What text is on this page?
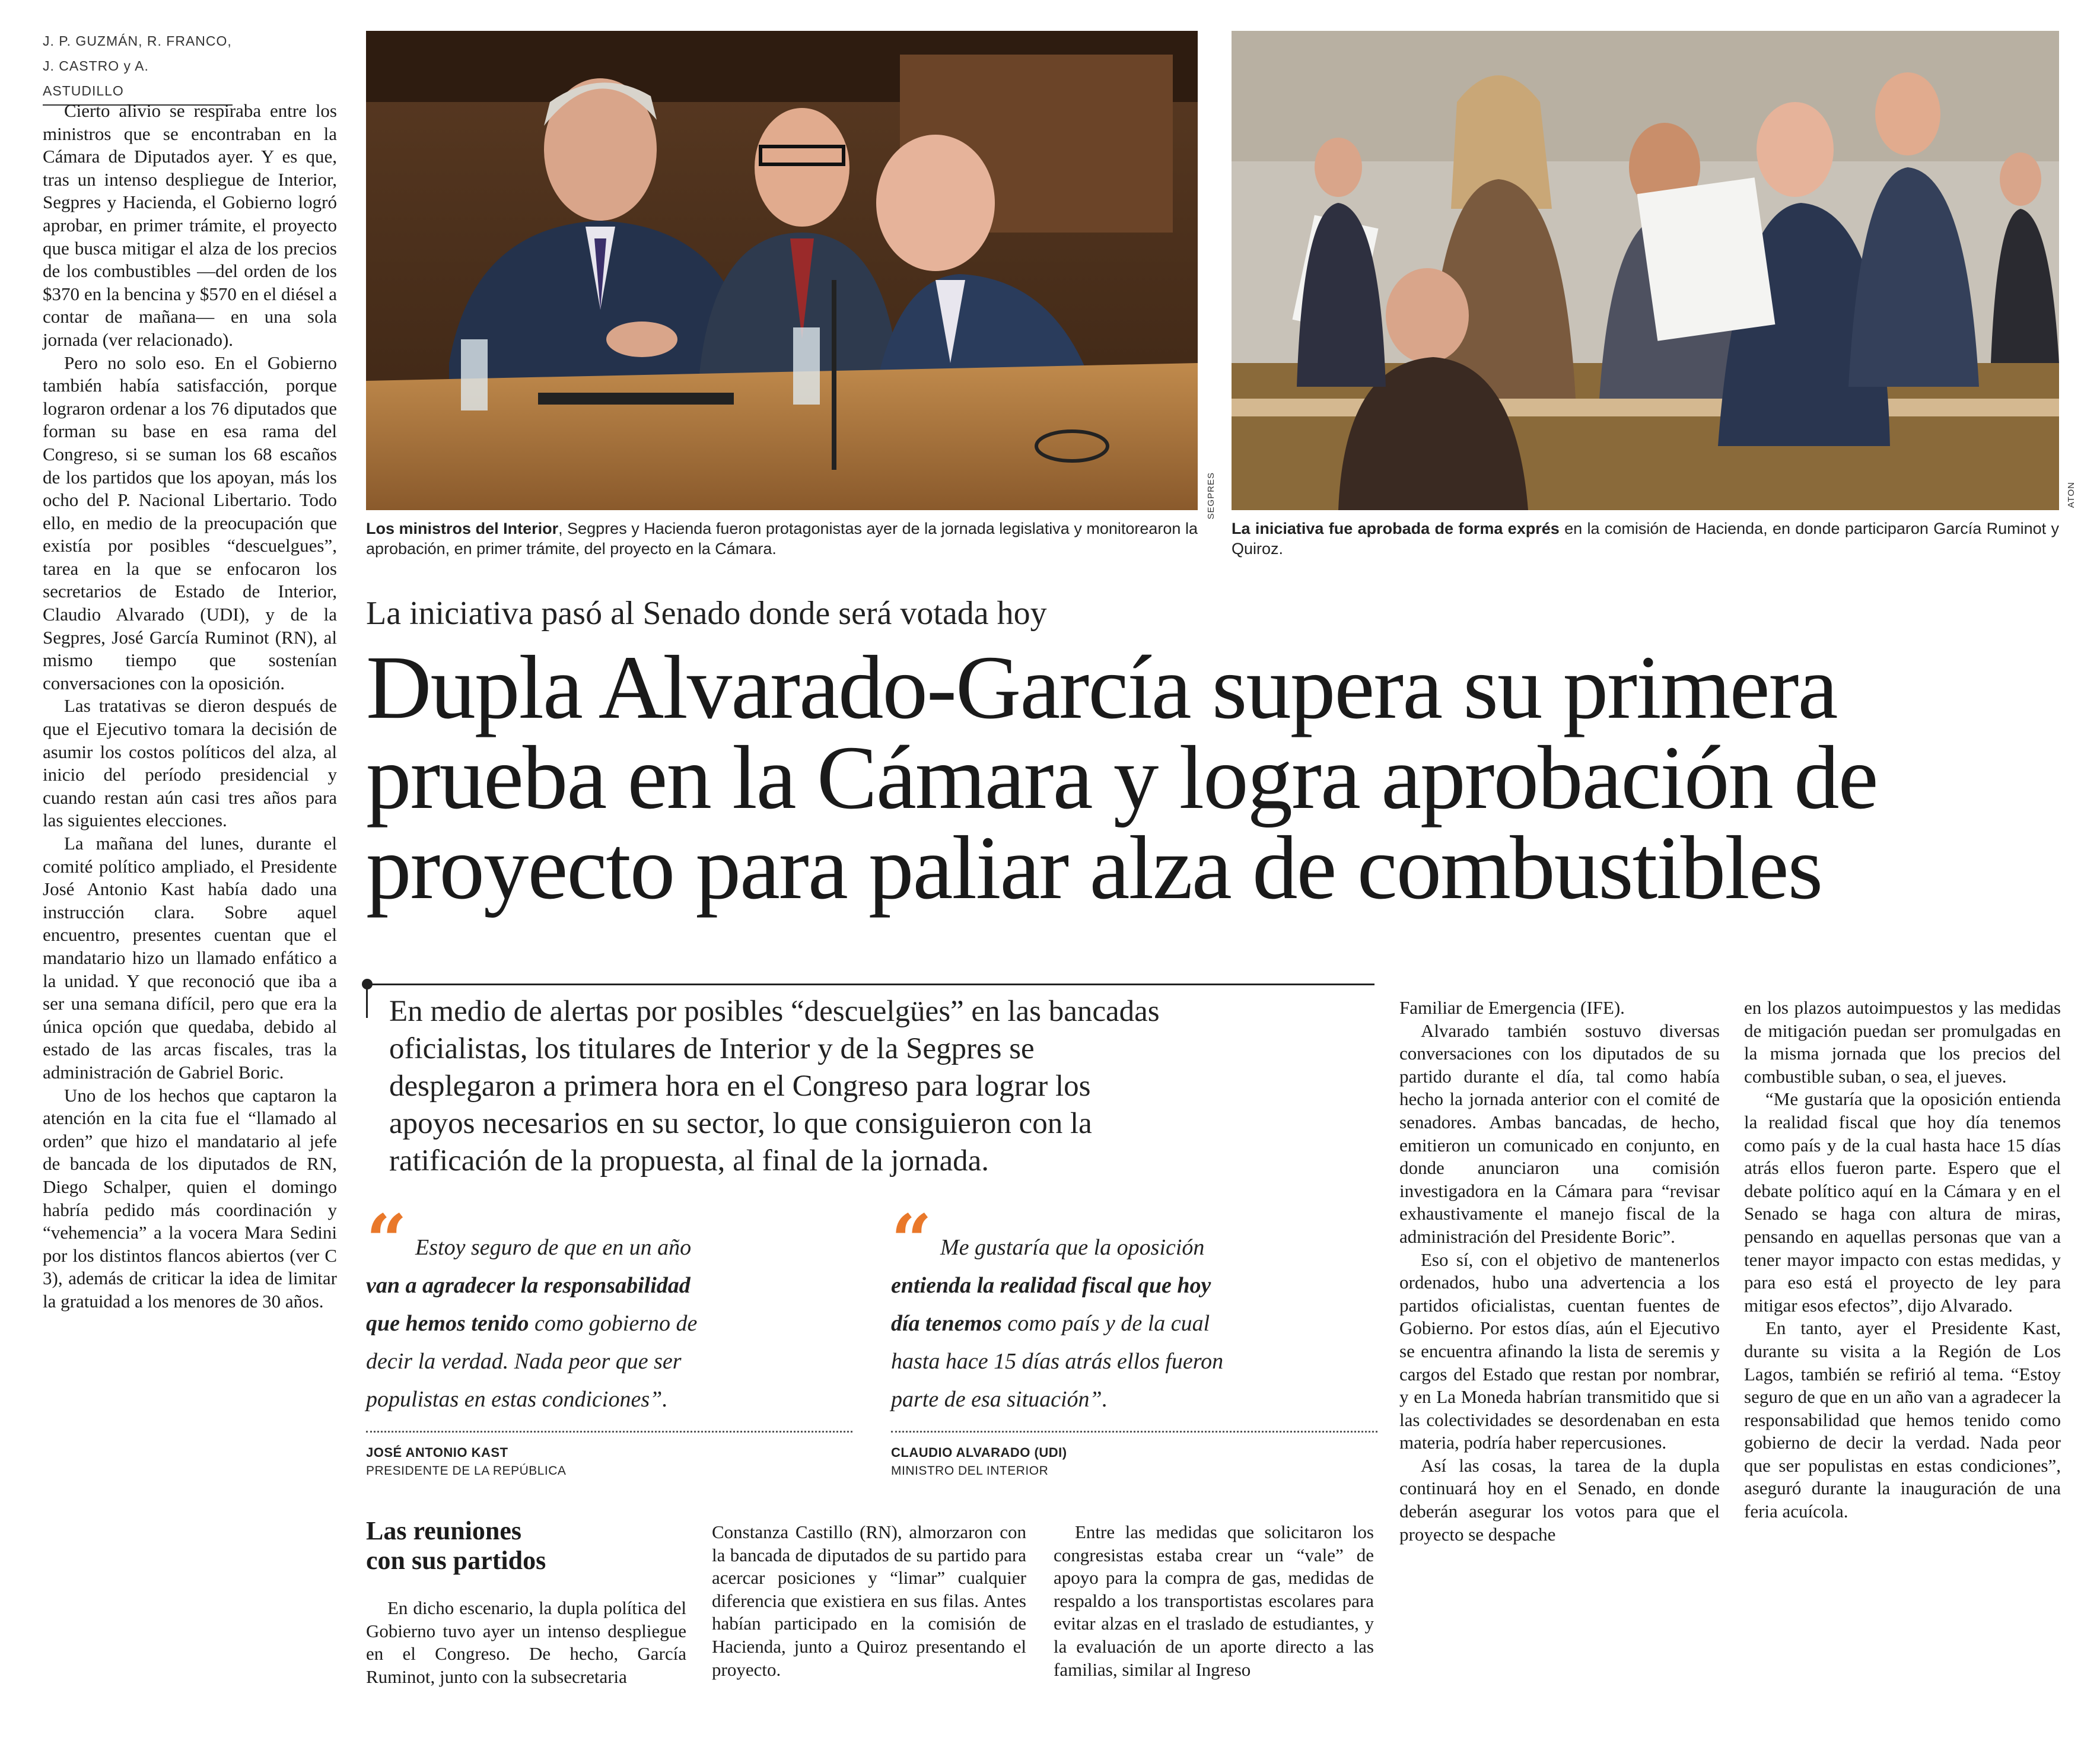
J. P. GUZMÁN, R. FRANCO,
J. CASTRO y A. ASTUDILLO

Cierto alivio se respiraba entre los ministros que se encontraban en la Cámara de Diputados ayer. Y es que, tras un intenso despliegue de Interior, Segpres y Hacienda, el Gobierno logró aprobar, en primer trámite, el proyecto que busca mitigar el alza de los precios de los combustibles —del orden de los $370 en la bencina y $570 en el diésel a contar de mañana— en una sola jornada (ver relacionado).

Pero no solo eso. En el Gobierno también había satisfacción, porque lograron ordenar a los 76 diputados que forman su base en esa rama del Congreso, si se suman los 68 escaños de los partidos que los apoyan, más los ocho del P. Nacional Libertario. Todo ello, en medio de la preocupación que existía por posibles “descuelgues”, tarea en la que se enfocaron los secretarios de Estado de Interior, Claudio Alvarado (UDI), y de la Segpres, José García Ruminot (RN), al mismo tiempo que sostenían conversaciones con la oposición.

Las tratativas se dieron después de que el Ejecutivo tomara la decisión de asumir los costos políticos del alza, al inicio del período presidencial y cuando restan aún casi tres años para las siguientes elecciones.

La mañana del lunes, durante el comité político ampliado, el Presidente José Antonio Kast había dado una instrucción clara. Sobre aquel encuentro, presentes cuentan que el mandatario hizo un llamado enfático a la unidad. Y que reconoció que iba a ser una semana difícil, pero que era la única opción que quedaba, debido al estado de las arcas fiscales, tras la administración de Gabriel Boric.

Uno de los hechos que captaron la atención en la cita fue el “llamado al orden” que hizo el mandatario al jefe de bancada de los diputados de RN, Diego Schalper, quien el domingo habría pedido más coordinación y “vehemencia” a la vocera Mara Sedini por los distintos flancos abiertos (ver C 3), además de criticar la idea de limitar la gratuidad a los menores de 30 años.

SEGPRES
Los ministros del Interior, Segpres y Hacienda fueron protagonistas ayer de la jornada legislativa y monitorearon la aprobación, en primer trámite, del proyecto en la Cámara.
ATON
La iniciativa fue aprobada de forma exprés en la comisión de Hacienda, en donde participaron García Ruminot y Quiroz.
La iniciativa pasó al Senado donde será votada hoy
Dupla Alvarado-García supera su primera
prueba en la Cámara y logra aprobación de
proyecto para paliar alza de combustibles
En medio de alertas por posibles “descuelgües” en las bancadas
oficialistas, los titulares de Interior y de la Segpres se
desplegaron a primera hora en el Congreso para lograr los
apoyos necesarios en su sector, lo que consiguieron con la
ratificación de la propuesta, al final de la jornada.
“ Estoy seguro de que en un año
van a agradecer la responsabilidad
que hemos tenido como gobierno de
decir la verdad. Nada peor que ser
populistas en estas condiciones”.
JOSÉ ANTONIO KAST
PRESIDENTE DE LA REPÚBLICA
“ Me gustaría que la oposición
entienda la realidad fiscal que hoy
día tenemos como país y de la cual
hasta hace 15 días atrás ellos fueron
parte de esa situación”.
CLAUDIO ALVARADO (UDI)
MINISTRO DEL INTERIOR
Las reuniones
con sus partidos

En dicho escenario, la dupla política del Gobierno tuvo ayer un intenso despliegue en el Congreso. De hecho, García Ruminot, junto con la subsecretaria

Constanza Castillo (RN), almorzaron con la bancada de diputados de su partido para acercar posiciones y “limar” cualquier diferencia que existiera en sus filas. Antes habían participado en la comisión de Hacienda, junto a Quiroz presentando el proyecto.

Entre las medidas que solicitaron los congresistas estaba crear un “vale” de apoyo para la compra de gas, medidas de respaldo a los transportistas escolares para evitar alzas en el traslado de estudiantes, y la evaluación de un aporte directo a las familias, similar al Ingreso

Familiar de Emergencia (IFE).

Alvarado también sostuvo diversas conversaciones con los diputados de su partido durante el día, tal como había hecho la jornada anterior con el comité de senadores. Ambas bancadas, de hecho, emitieron un comunicado en conjunto, en donde anunciaron una comisión investigadora en la Cámara para “revisar exhaustivamente el manejo fiscal de la administración del Presidente Boric”.

Eso sí, con el objetivo de mantenerlos ordenados, hubo una advertencia a los partidos oficialistas, cuentan fuentes de Gobierno. Por estos días, aún el Ejecutivo se encuentra afinando la lista de seremis y cargos del Estado que restan por nombrar, y en La Moneda habrían transmitido que si las colectividades se desordenaban en esta materia, podría haber repercusiones.

Así las cosas, la tarea de la dupla continuará hoy en el Senado, en donde deberán asegurar los votos para que el proyecto se despache

en los plazos autoimpuestos y las medidas de mitigación puedan ser promulgadas en la misma jornada que los precios del combustible suban, o sea, el jueves.

“Me gustaría que la oposición entienda la realidad fiscal que hoy día tenemos como país y de la cual hasta hace 15 días atrás ellos fueron parte. Espero que el debate político aquí en la Cámara y en el Senado se haga con altura de miras, pensando en aquellas personas que van a tener mayor impacto con estas medidas, y para eso está el proyecto de ley para mitigar esos efectos”, dijo Alvarado.

En tanto, ayer el Presidente Kast, durante su visita a la Región de Los Lagos, también se refirió al tema. “Estoy seguro de que en un año van a agradecer la responsabilidad que hemos tenido como gobierno de decir la verdad. Nada peor que ser populistas en estas condiciones”, aseguró durante la inauguración de una feria acuícola.
